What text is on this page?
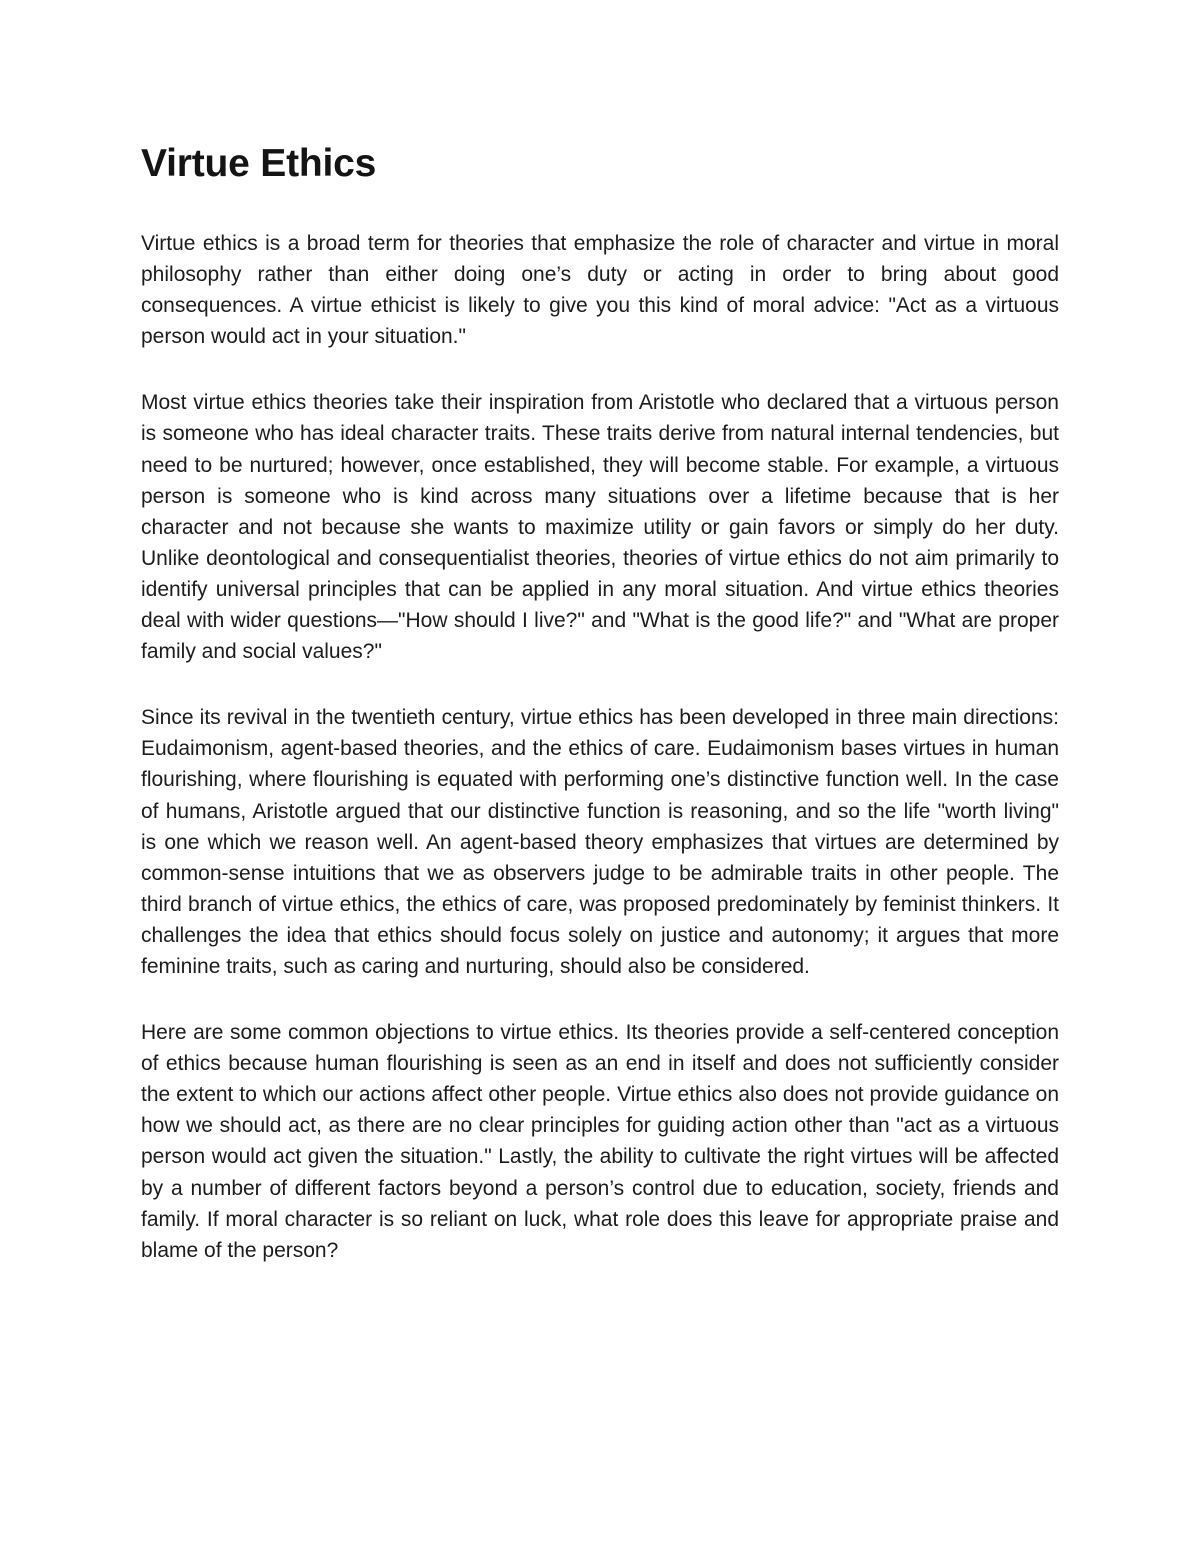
Virtue Ethics

Virtue ethics is a broad term for theories that emphasize the role of character and virtue in moral philosophy rather than either doing one’s duty or acting in order to bring about good consequences. A virtue ethicist is likely to give you this kind of moral advice: "Act as a virtuous person would act in your situation."

Most virtue ethics theories take their inspiration from Aristotle who declared that a virtuous person is someone who has ideal character traits. These traits derive from natural internal tendencies, but need to be nurtured; however, once established, they will become stable. For example, a virtuous person is someone who is kind across many situations over a lifetime because that is her character and not because she wants to maximize utility or gain favors or simply do her duty. Unlike deontological and consequentialist theories, theories of virtue ethics do not aim primarily to identify universal principles that can be applied in any moral situation. And virtue ethics theories deal with wider questions—"How should I live?" and "What is the good life?" and "What are proper family and social values?"

Since its revival in the twentieth century, virtue ethics has been developed in three main directions: Eudaimonism, agent-based theories, and the ethics of care. Eudaimonism bases virtues in human flourishing, where flourishing is equated with performing one’s distinctive function well. In the case of humans, Aristotle argued that our distinctive function is reasoning, and so the life "worth living" is one which we reason well. An agent-based theory emphasizes that virtues are determined by common-sense intuitions that we as observers judge to be admirable traits in other people. The third branch of virtue ethics, the ethics of care, was proposed predominately by feminist thinkers. It challenges the idea that ethics should focus solely on justice and autonomy; it argues that more feminine traits, such as caring and nurturing, should also be considered.

Here are some common objections to virtue ethics. Its theories provide a self-centered conception of ethics because human flourishing is seen as an end in itself and does not sufficiently consider the extent to which our actions affect other people. Virtue ethics also does not provide guidance on how we should act, as there are no clear principles for guiding action other than "act as a virtuous person would act given the situation." Lastly, the ability to cultivate the right virtues will be affected by a number of different factors beyond a person’s control due to education, society, friends and family. If moral character is so reliant on luck, what role does this leave for appropriate praise and blame of the person?
